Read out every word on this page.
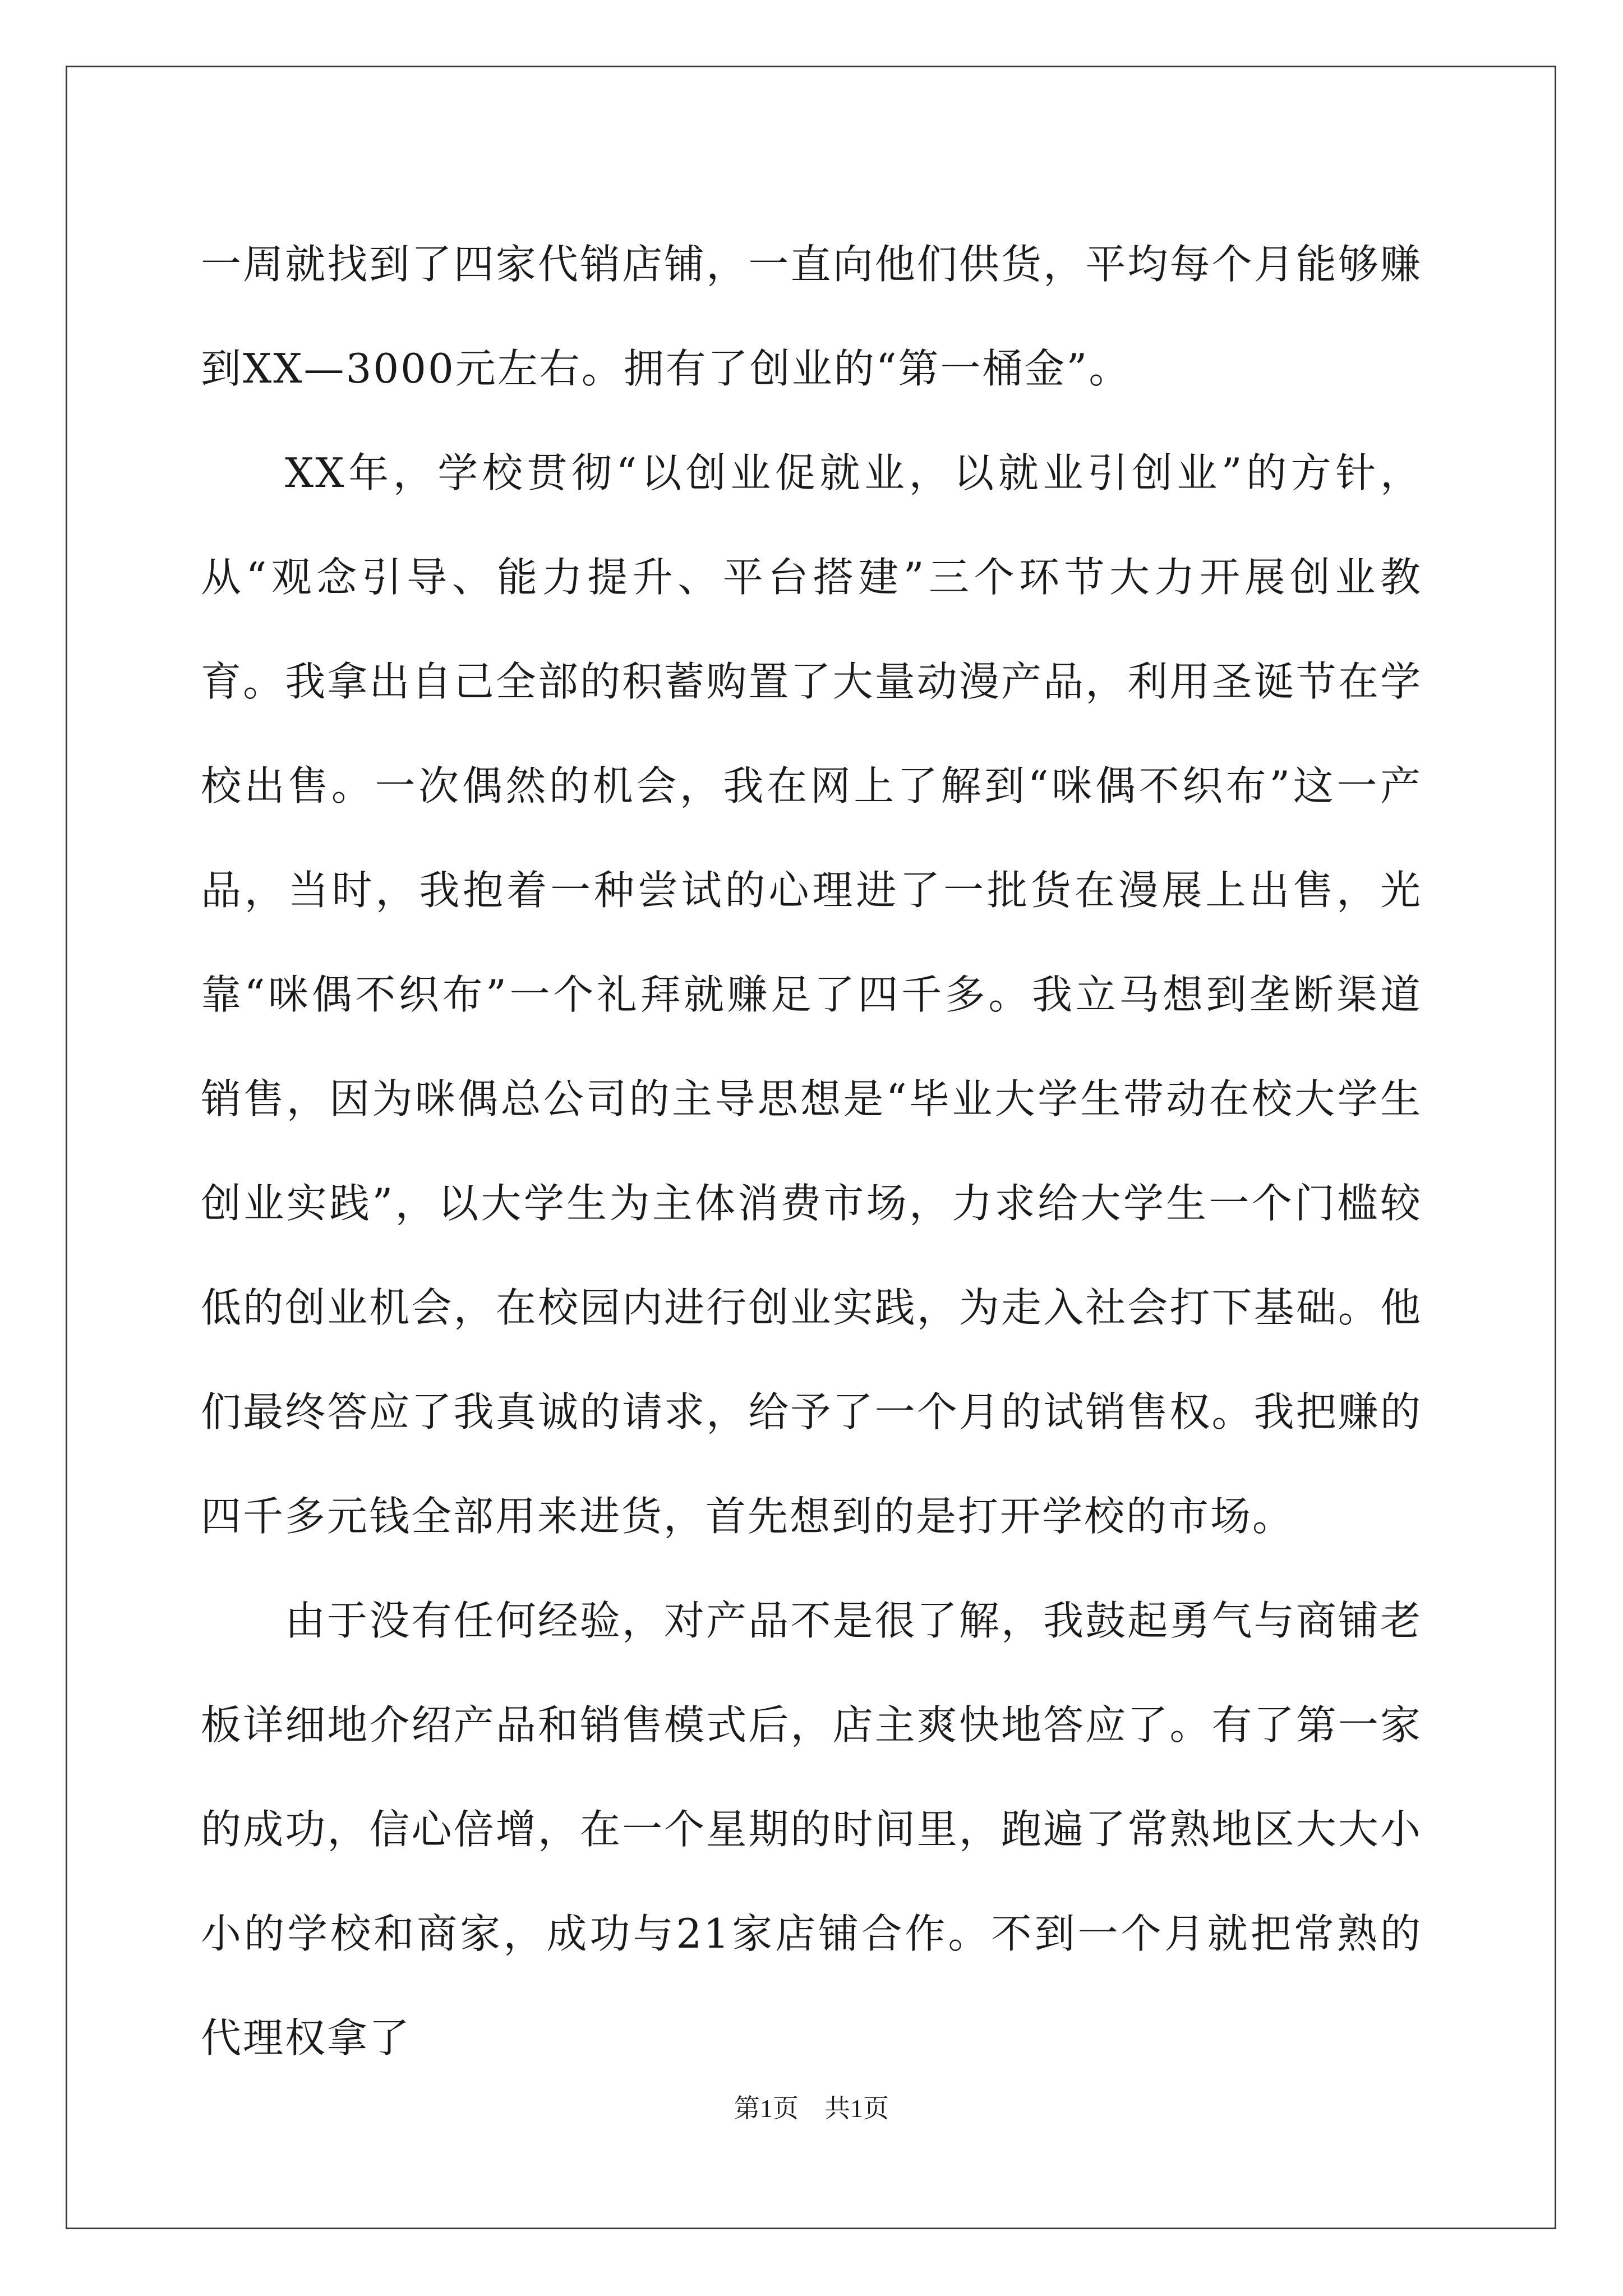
一周就找到了四家代销店铺，一直向他们供货，平均每个月能够赚到XX—3000元左右。拥有了创业的“第一桶金”。

XX年，学校贯彻“以创业促就业，以就业引创业”的方针，从“观念引导、能力提升、平台搭建”三个环节大力开展创业教育。我拿出自己全部的积蓄购置了大量动漫产品，利用圣诞节在学校出售。一次偶然的机会，我在网上了解到“咪偶不织布”这一产品，当时，我抱着一种尝试的心理进了一批货在漫展上出售，光靠“咪偶不织布”一个礼拜就赚足了四千多。我立马想到垄断渠道销售，因为咪偶总公司的主导思想是“毕业大学生带动在校大学生创业实践”，以大学生为主体消费市场，力求给大学生一个门槛较低的创业机会，在校园内进行创业实践，为走入社会打下基础。他们最终答应了我真诚的请求，给予了一个月的试销售权。我把赚的四千多元钱全部用来进货，首先想到的是打开学校的市场。

由于没有任何经验，对产品不是很了解，我鼓起勇气与商铺老板详细地介绍产品和销售模式后，店主爽快地答应了。有了第一家的成功，信心倍增，在一个星期的时间里，跑遍了常熟地区大大小小的学校和商家，成功与21家店铺合作。不到一个月就把常熟的代理权拿了

第1页　共1页
